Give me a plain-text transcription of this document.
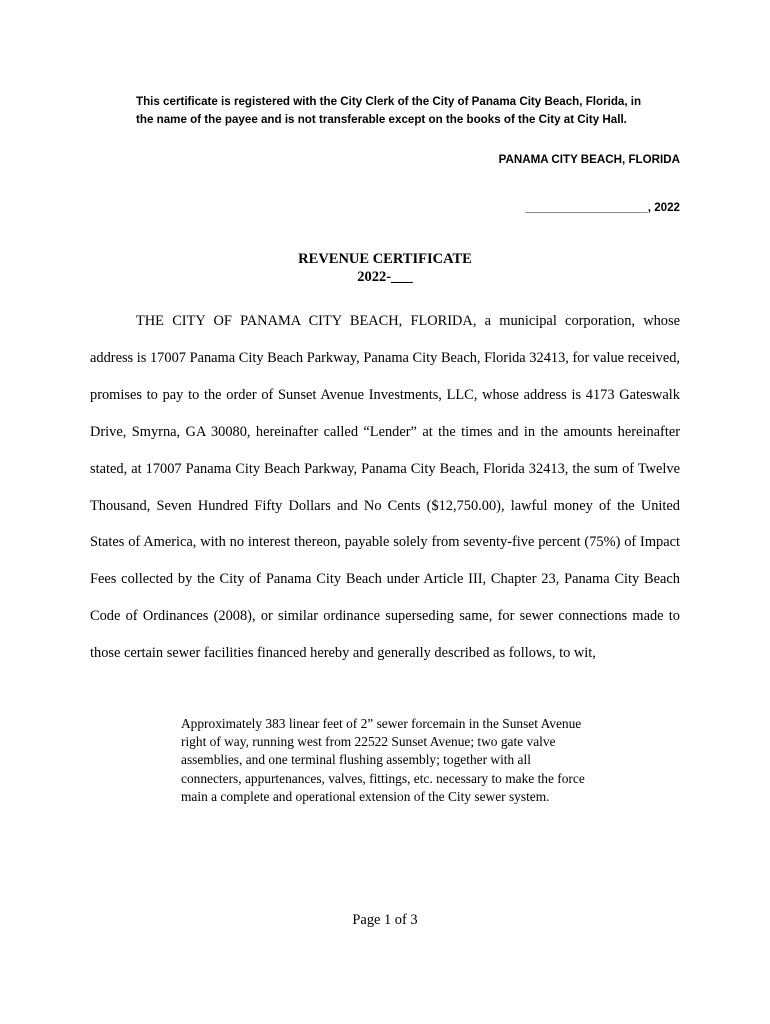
This certificate is registered with the City Clerk of the City of Panama City Beach, Florida, in the name of the payee and is not transferable except on the books of the City at City Hall.

PANAMA CITY BEACH, FLORIDA

___________________, 2022

REVENUE CERTIFICATE
2022-___

THE CITY OF PANAMA CITY BEACH, FLORIDA, a municipal corporation, whose address is 17007 Panama City Beach Parkway, Panama City Beach, Florida 32413, for value received, promises to pay to the order of Sunset Avenue Investments, LLC, whose address is 4173 Gateswalk Drive, Smyrna, GA 30080, hereinafter called “Lender” at the times and in the amounts hereinafter stated, at 17007 Panama City Beach Parkway, Panama City Beach, Florida 32413, the sum of Twelve Thousand, Seven Hundred Fifty Dollars and No Cents ($12,750.00), lawful money of the United States of America, with no interest thereon, payable solely from seventy-five percent (75%) of Impact Fees collected by the City of Panama City Beach under Article III, Chapter 23, Panama City Beach Code of Ordinances (2008), or similar ordinance superseding same, for sewer connections made to those certain sewer facilities financed hereby and generally described as follows, to wit,

Approximately 383 linear feet of 2” sewer forcemain in the Sunset Avenue right of way, running west from 22522 Sunset Avenue; two gate valve assemblies, and one terminal flushing assembly; together with all connecters, appurtenances, valves, fittings, etc. necessary to make the force main a complete and operational extension of the City sewer system.

Page 1 of 3
